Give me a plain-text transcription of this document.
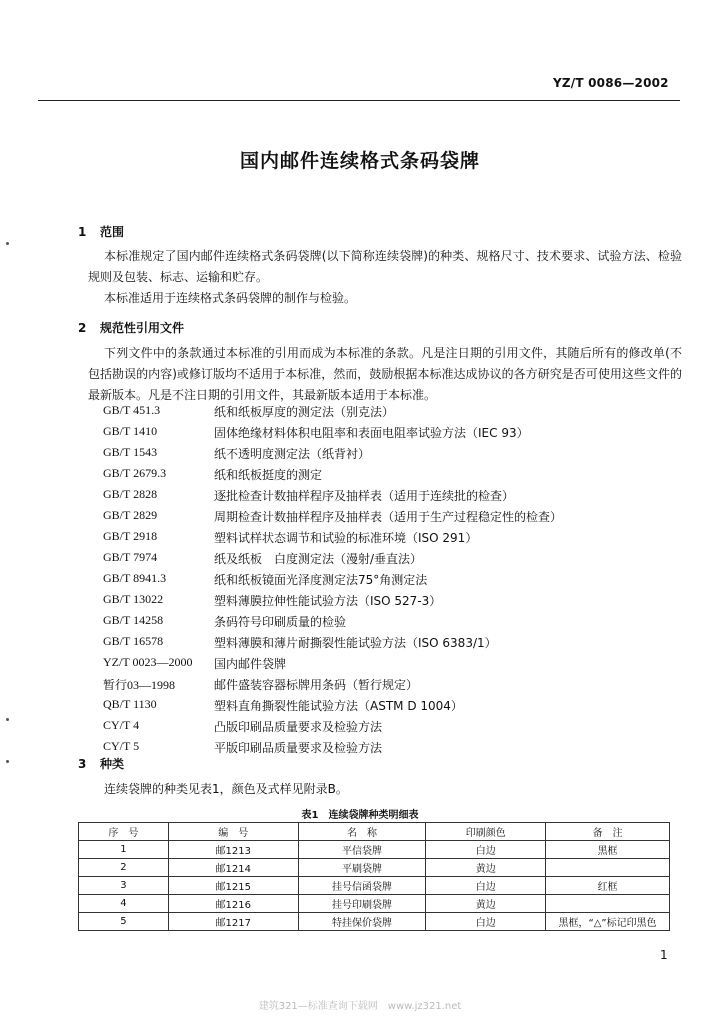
YZ/T 0086—2002
国内邮件连续格式条码袋牌
1 范围
本标准规定了国内邮件连续格式条码袋牌(以下简称连续袋牌)的种类、规格尺寸、技术要求、试验方法、检验规则及包装、标志、运输和贮存。
本标准适用于连续格式条码袋牌的制作与检验。
2 规范性引用文件
下列文件中的条款通过本标准的引用而成为本标准的条款。凡是注日期的引用文件，其随后所有的修改单(不包括勘误的内容)或修订版均不适用于本标准，然而，鼓励根据本标准达成协议的各方研究是否可使用这些文件的最新版本。凡是不注日期的引用文件，其最新版本适用于本标准。
GB/T 451.3	纸和纸板厚度的测定法（别克法）
GB/T 1410	固体绝缘材料体积电阻率和表面电阻率试验方法（IEC 93）
GB/T 1543	纸不透明度测定法（纸背衬）
GB/T 2679.3	纸和纸板挺度的测定
GB/T 2828	逐批检查计数抽样程序及抽样表（适用于连续批的检查）
GB/T 2829	周期检查计数抽样程序及抽样表（适用于生产过程稳定性的检查）
GB/T 2918	塑料试样状态调节和试验的标准环境（ISO 291）
GB/T 7974	纸及纸板　白度测定法（漫射/垂直法）
GB/T 8941.3	纸和纸板镜面光泽度测定法75°角测定法
GB/T 13022	塑料薄膜拉伸性能试验方法（ISO 527-3）
GB/T 14258	条码符号印刷质量的检验
GB/T 16578	塑料薄膜和薄片耐撕裂性能试验方法（ISO 6383/1）
YZ/T 0023—2000	国内邮件袋牌
暂行03—1998	邮件盛装容器标牌用条码（暂行规定）
QB/T 1130	塑料直角撕裂性能试验方法（ASTM D 1004）
CY/T 4	凸版印刷品质量要求及检验方法
CY/T 5	平版印刷品质量要求及检验方法
3 种类
连续袋牌的种类见表1，颜色及式样见附录B。
表1　连续袋牌种类明细表
序　号	编　号	名　称	印刷颜色	备　注
1	邮1213	平信袋牌	白边	黑框
2	邮1214	平刷袋牌	黄边	
3	邮1215	挂号信函袋牌	白边	红框
4	邮1216	挂号印刷袋牌	黄边	
5	邮1217	特挂保价袋牌	白边	黑框，“△”标记印黑色
1
建筑321—标准查询下载网　www.jz321.net
